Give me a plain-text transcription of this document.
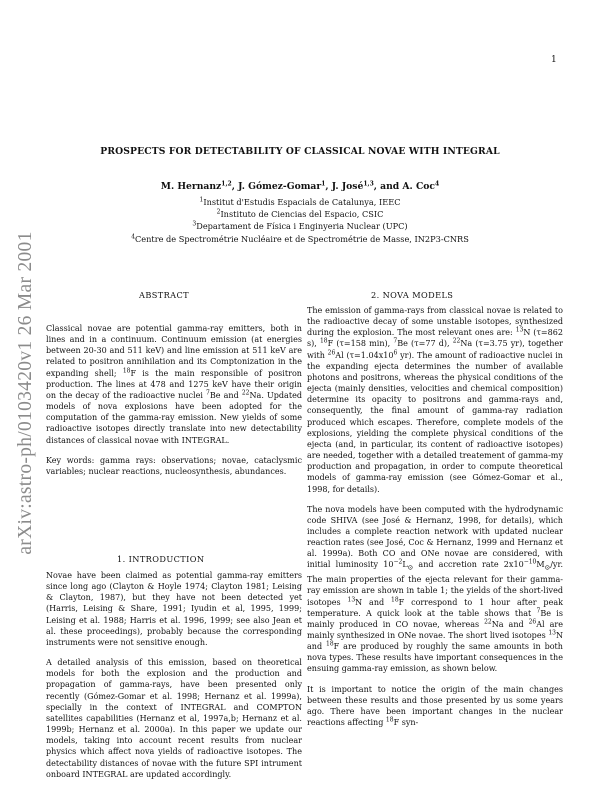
1
arXiv:astro-ph/0103420v1 26 Mar 2001
PROSPECTS FOR DETECTABILITY OF CLASSICAL NOVAE WITH INTEGRAL
M. Hernanz$^{1,2}$, J. Gómez-Gomar$^1$, J. José$^{1,3}$, and A. Coc$^4$
$^1$Institut d'Estudis Espacials de Catalunya, IEEC
$^2$Instituto de Ciencias del Espacio, CSIC
$^3$Departament de Física i Enginyeria Nuclear (UPC)
$^4$Centre de Spectrométrie Nucléaire et de Spectrométrie de Masse, IN2P3-CNRS
ABSTRACT

Classical novae are potential gamma-ray emitters, both in lines and in a continuum. Continuum emission (at energies between 20-30 and 511 keV) and line emission at 511 keV are related to positron annihilation and its Comptonization in the expanding shell; $^{18}$F is the main responsible of positron production. The lines at 478 and 1275 keV have their origin on the decay of the radioactive nuclei $^7$Be and $^{22}$Na. Updated models of nova explosions have been adopted for the computation of the gamma-ray emission. New yields of some radioactive isotopes directly translate into new detectability distances of classical novae with INTEGRAL.

Key words: gamma rays: observations; novae, cataclysmic variables; nuclear reactions, nucleosynthesis, abundances.

1. INTRODUCTION

Novae have been claimed as potential gamma-ray emitters since long ago (Clayton & Hoyle 1974; Clayton 1981; Leising & Clayton, 1987), but they have not been detected yet (Harris, Leising & Share, 1991; Iyudin et al, 1995, 1999; Leising et al. 1988; Harris et al. 1996, 1999; see also Jean et al. these proceedings), probably because the corresponding instruments were not sensitive enough.

A detailed analysis of this emission, based on theoretical models for both the explosion and the production and propagation of gamma-rays, have been presented only recently (Gómez-Gomar et al. 1998; Hernanz et al. 1999a), specially in the context of INTEGRAL and COMPTON satellites capabilities (Hernanz et al, 1997a,b; Hernanz et al. 1999b; Hernanz et al. 2000a). In this paper we update our models, taking into account recent results from nuclear physics which affect nova yields of radioactive isotopes. The detectability distances of novae with the future SPI intrument onboard INTEGRAL are updated accordingly.

2. NOVA MODELS

The emission of gamma-rays from classical novae is related to the radioactive decay of some unstable isotopes, synthesized during the explosion. The most relevant ones are: $^{13}$N (τ=862 s), $^{18}$F (τ=158 min), $^7$Be (τ=77 d), $^{22}$Na (τ=3.75 yr), together with $^{26}$Al ($\tau=1.04x10^6$ yr). The amount of radioactive nuclei in the expanding ejecta determines the number of available photons and positrons, whereas the physical conditions of the ejecta (mainly densities, velocities and chemical composition) determine its opacity to positrons and gamma-rays and, consequently, the final amount of gamma-ray radiation produced which escapes. Therefore, complete models of the explosions, yielding the complete physical conditions of the ejecta (and, in particular, its content of radioactive isotopes) are needed, together with a detailed treatement of gamma-my production and propagation, in order to compute theoretical models of gamma-ray emission (see Gómez-Gomar et al., 1998, for details).

The nova models have been computed with the hydrodynamic code SHIVA (see José & Hernanz, 1998, for details), which includes a complete reaction network with updated nuclear reaction rates (see José, Coc & Hernanz, 1999 and Hernanz et al. 1999a). Both CO and ONe novae are considered, with initial luminosity $10^{-2}L_⊙$ and accretion rate $2x10^{-10}M_⊙/yr$. The main properties of the ejecta relevant for their gamma-ray emission are shown in table 1; the yields of the short-lived isotopes $^{13}$N and $^{18}$F correspond to 1 hour after peak temperature. A quick look at the table shows that $^7$Be is mainly produced in CO novae, whereas $^{22}$Na and $^{26}$Al are mainly synthesized in ONe novae. The short lived isotopes $^{13}$N and $^{18}$F are produced by roughly the same amounts in both nova types. These results have important consequences in the ensuing gamma-ray emission, as shown below.

It is important to notice the origin of the main changes between these results and those presented by us some years ago. There have been important changes in the nuclear reactions affecting $^{18}$F syn-
